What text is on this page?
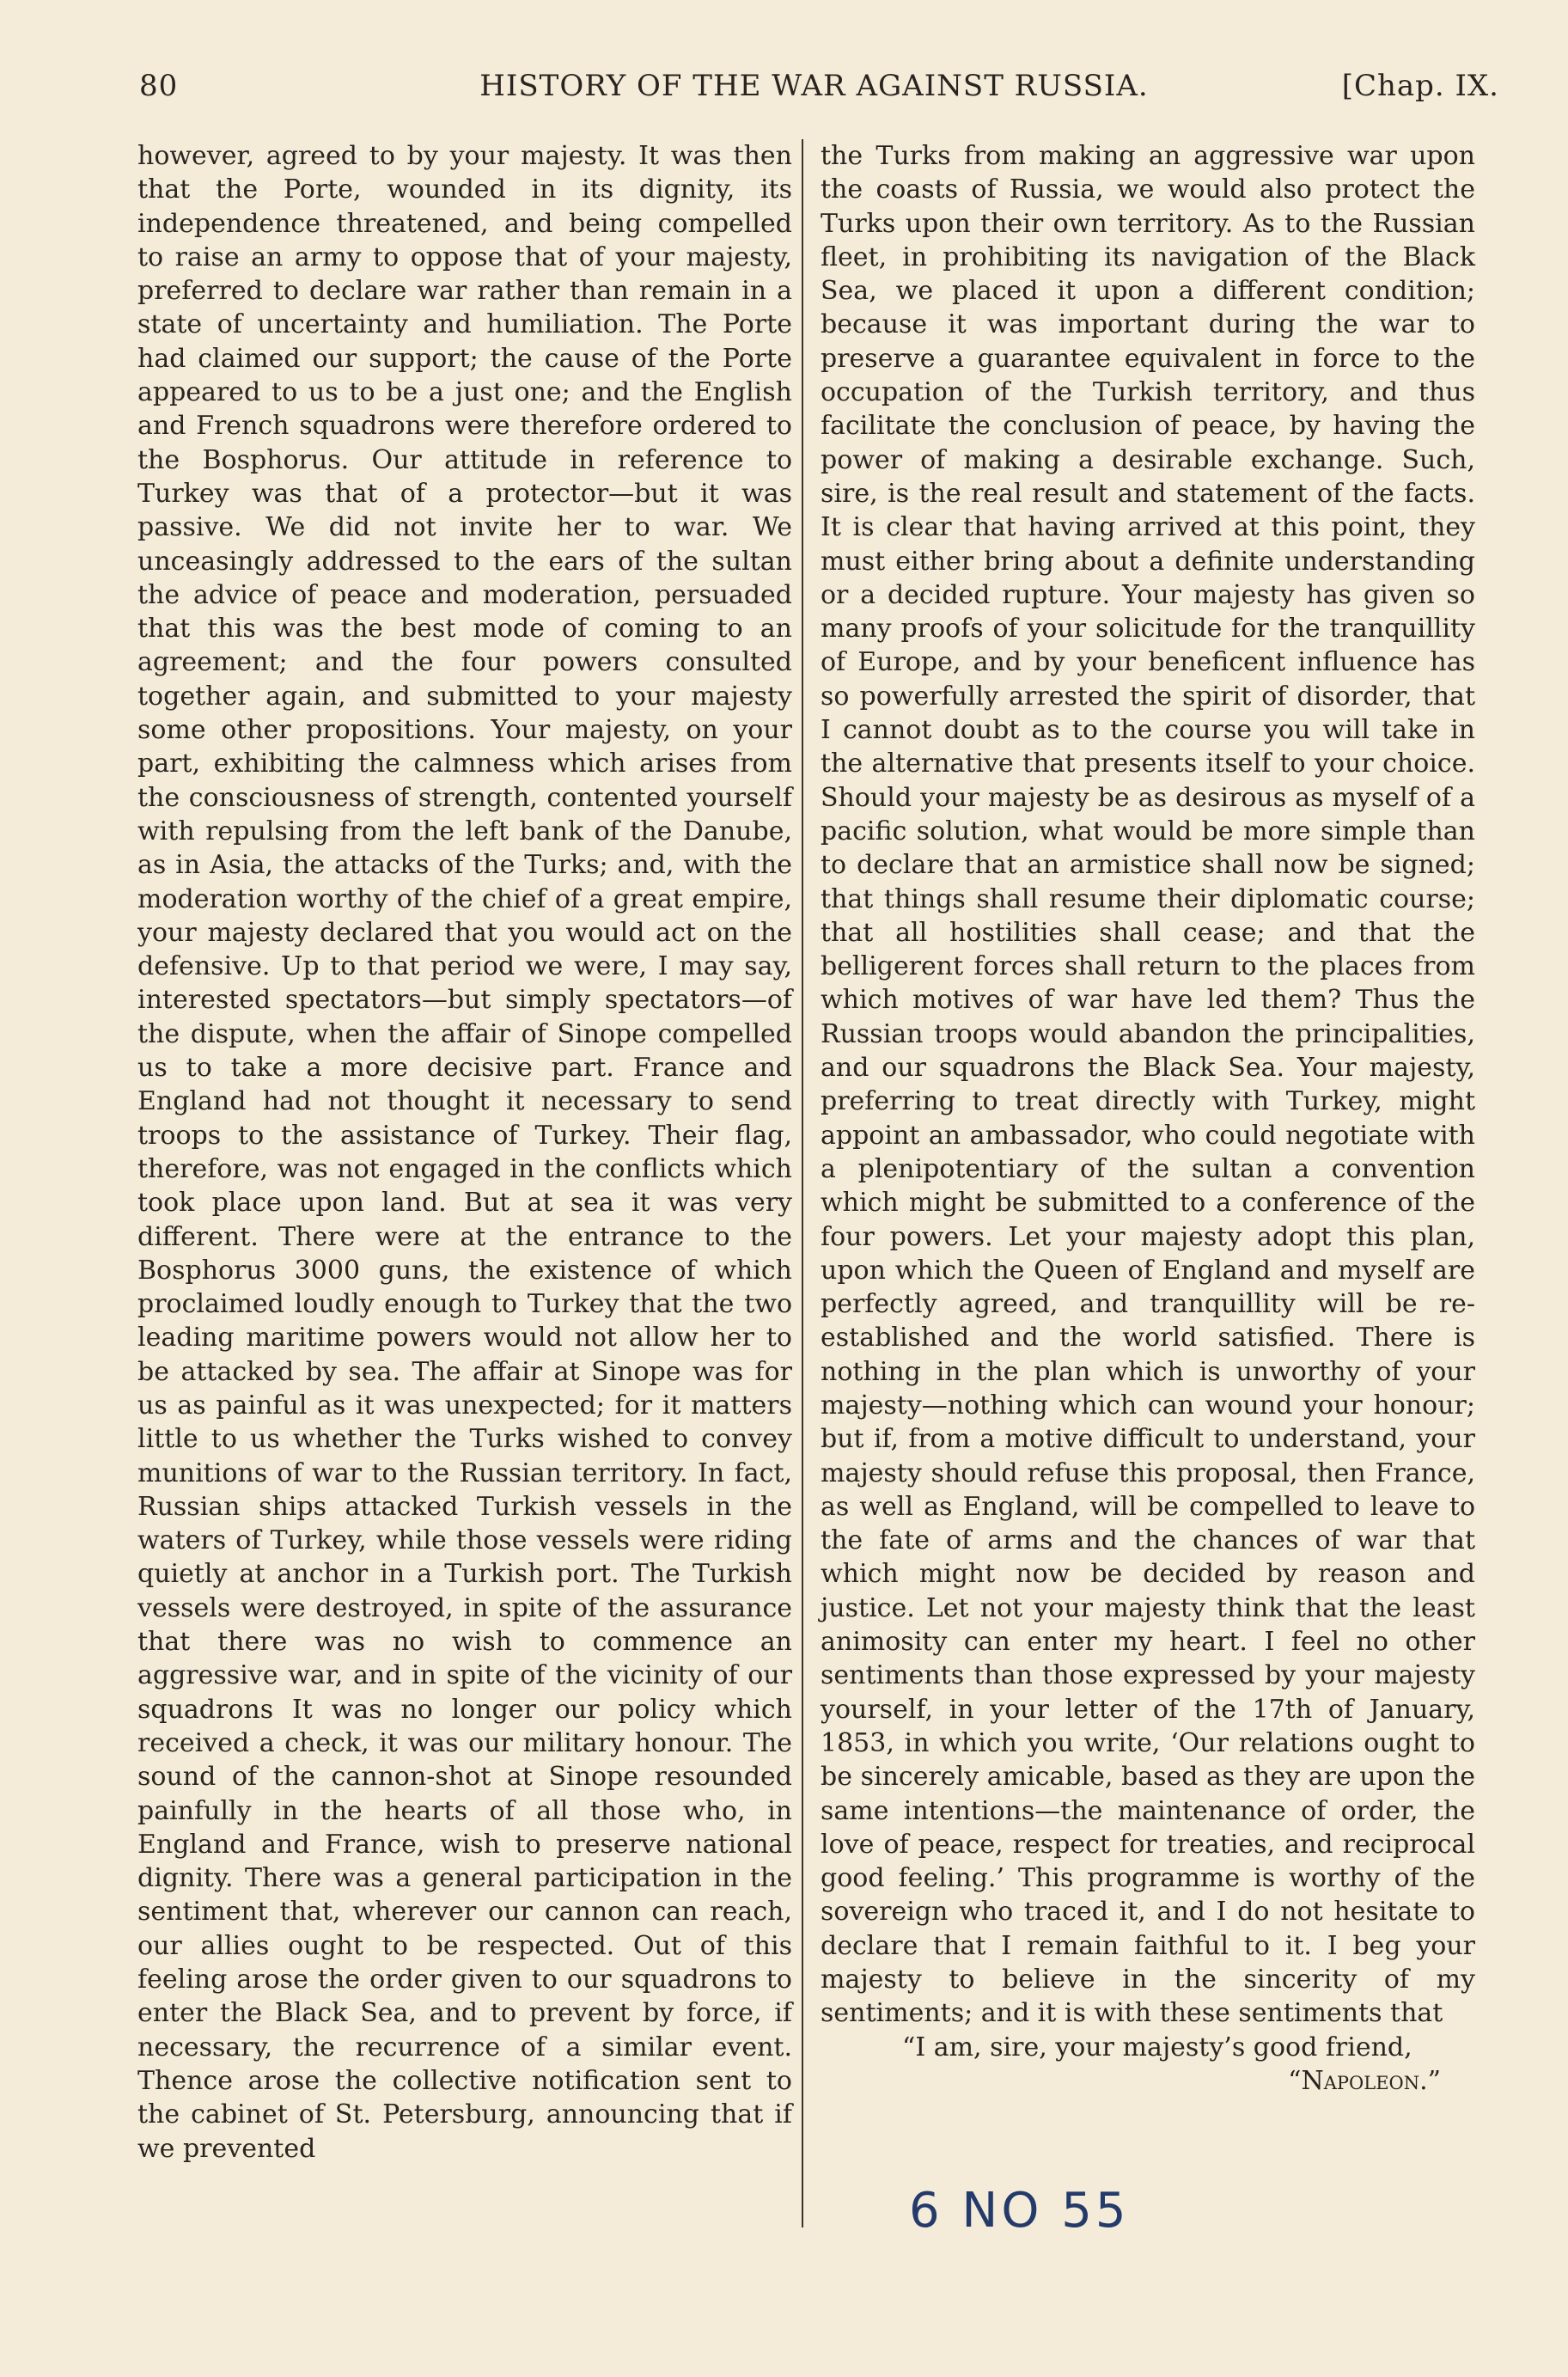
80	HISTORY OF THE WAR AGAINST RUSSIA.	[Chap. IX.

however, agreed to by your majesty. It was then that the Porte, wounded in its dignity, its independence threatened, and being compelled to raise an army to oppose that of your majesty, preferred to declare war rather than remain in a state of uncertainty and humiliation. The Porte had claimed our support; the cause of the Porte appeared to us to be a just one; and the English and French squadrons were therefore ordered to the Bosphorus. Our attitude in reference to Turkey was that of a protector—but it was passive. We did not invite her to war. We unceasingly addressed to the ears of the sultan the advice of peace and moderation, persuaded that this was the best mode of coming to an agreement; and the four powers consulted together again, and submitted to your majesty some other propositions. Your majesty, on your part, exhibiting the calmness which arises from the consciousness of strength, contented yourself with repulsing from the left bank of the Danube, as in Asia, the attacks of the Turks; and, with the moderation worthy of the chief of a great empire, your majesty declared that you would act on the defensive. Up to that period we were, I may say, interested spectators—but simply spectators—of the dispute, when the affair of Sinope compelled us to take a more decisive part. France and England had not thought it necessary to send troops to the assistance of Turkey. Their flag, therefore, was not engaged in the conflicts which took place upon land. But at sea it was very different. There were at the entrance to the Bosphorus 3000 guns, the existence of which proclaimed loudly enough to Turkey that the two leading maritime powers would not allow her to be attacked by sea. The affair at Sinope was for us as painful as it was unexpected; for it matters little to us whether the Turks wished to convey munitions of war to the Russian territory. In fact, Russian ships attacked Turkish vessels in the waters of Turkey, while those vessels were riding quietly at anchor in a Turkish port. The Turkish vessels were destroyed, in spite of the assurance that there was no wish to commence an aggressive war, and in spite of the vicinity of our squadrons It was no longer our policy which received a check, it was our military honour. The sound of the cannon-shot at Sinope resounded painfully in the hearts of all those who, in England and France, wish to preserve national dignity. There was a general participation in the sentiment that, wherever our cannon can reach, our allies ought to be respected. Out of this feeling arose the order given to our squadrons to enter the Black Sea, and to prevent by force, if necessary, the recurrence of a similar event. Thence arose the collective notification sent to the cabinet of St. Petersburg, announcing that if we prevented

the Turks from making an aggressive war upon the coasts of Russia, we would also protect the Turks upon their own territory. As to the Russian fleet, in prohibiting its navigation of the Black Sea, we placed it upon a different condition; because it was important during the war to preserve a guarantee equivalent in force to the occupation of the Turkish territory, and thus facilitate the conclusion of peace, by having the power of making a desirable exchange. Such, sire, is the real result and statement of the facts. It is clear that having arrived at this point, they must either bring about a definite understanding or a decided rupture. Your majesty has given so many proofs of your solicitude for the tranquillity of Europe, and by your beneficent influence has so powerfully arrested the spirit of disorder, that I cannot doubt as to the course you will take in the alternative that presents itself to your choice. Should your majesty be as desirous as myself of a pacific solution, what would be more simple than to declare that an armistice shall now be signed; that things shall resume their diplomatic course; that all hostilities shall cease; and that the belligerent forces shall return to the places from which motives of war have led them? Thus the Russian troops would abandon the principalities, and our squadrons the Black Sea. Your majesty, preferring to treat directly with Turkey, might appoint an ambassador, who could negotiate with a plenipotentiary of the sultan a convention which might be submitted to a conference of the four powers. Let your majesty adopt this plan, upon which the Queen of England and myself are perfectly agreed, and tranquillity will be re-established and the world satisfied. There is nothing in the plan which is unworthy of your majesty—nothing which can wound your honour; but if, from a motive difficult to understand, your majesty should refuse this proposal, then France, as well as England, will be compelled to leave to the fate of arms and the chances of war that which might now be decided by reason and justice. Let not your majesty think that the least animosity can enter my heart. I feel no other sentiments than those expressed by your majesty yourself, in your letter of the 17th of January, 1853, in which you write, ‘Our relations ought to be sincerely amicable, based as they are upon the same intentions—the maintenance of order, the love of peace, respect for treaties, and reciprocal good feeling.’ This programme is worthy of the sovereign who traced it, and I do not hesitate to declare that I remain faithful to it. I beg your majesty to believe in the sincerity of my sentiments; and it is with these sentiments that

“I am, sire, your majesty’s good friend,

“Napoleon.”

6 NO 55
